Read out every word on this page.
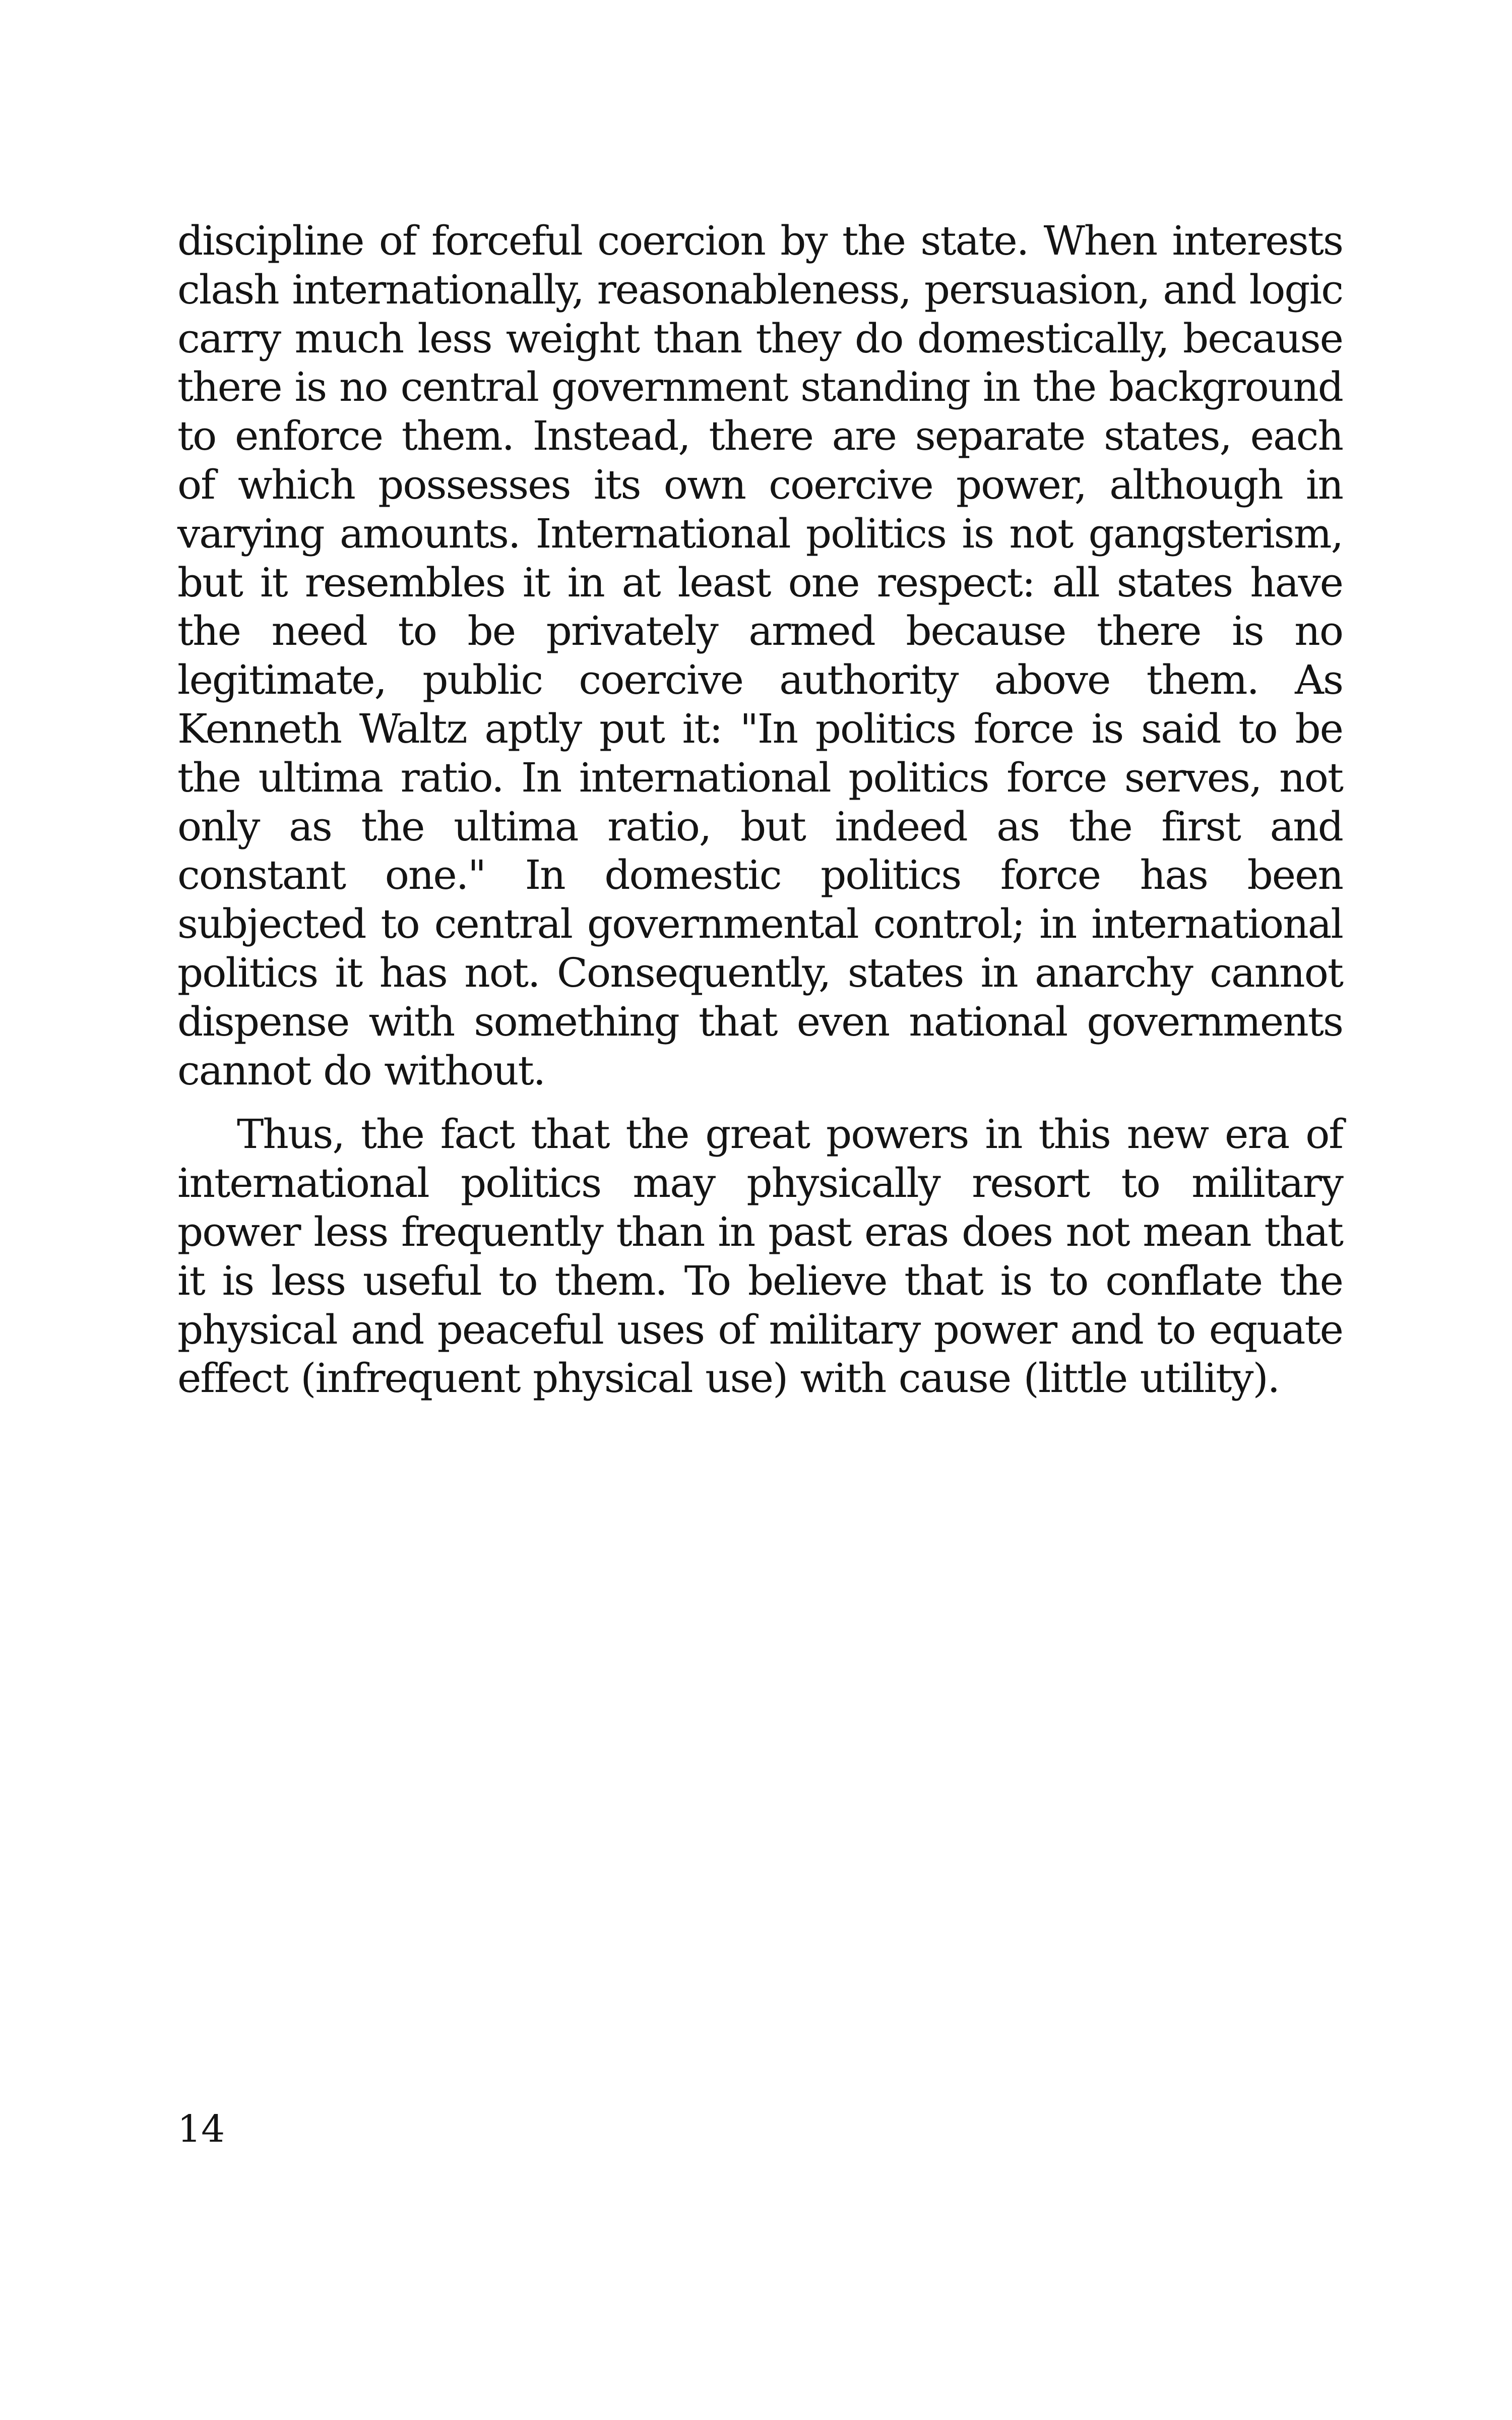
discipline of forceful coercion by the state. When interests clash internationally, reasonableness, persuasion, and logic carry much less weight than they do domestically, because there is no central government standing in the background to enforce them. Instead, there are separate states, each of which possesses its own coercive power, although in varying amounts. International politics is not gangsterism, but it resembles it in at least one respect: all states have the need to be privately armed because there is no legitimate, public coercive authority above them. As Kenneth Waltz aptly put it: "In politics force is said to be the ultima ratio. In international politics force serves, not only as the ultima ratio, but indeed as the first and constant one." In domestic politics force has been subjected to central governmental control; in international politics it has not. Consequently, states in anarchy cannot dispense with something that even national governments cannot do without.

Thus, the fact that the great powers in this new era of international politics may physically resort to military power less frequently than in past eras does not mean that it is less useful to them. To believe that is to conflate the physical and peaceful uses of military power and to equate effect (infrequent physical use) with cause (little utility).

14
